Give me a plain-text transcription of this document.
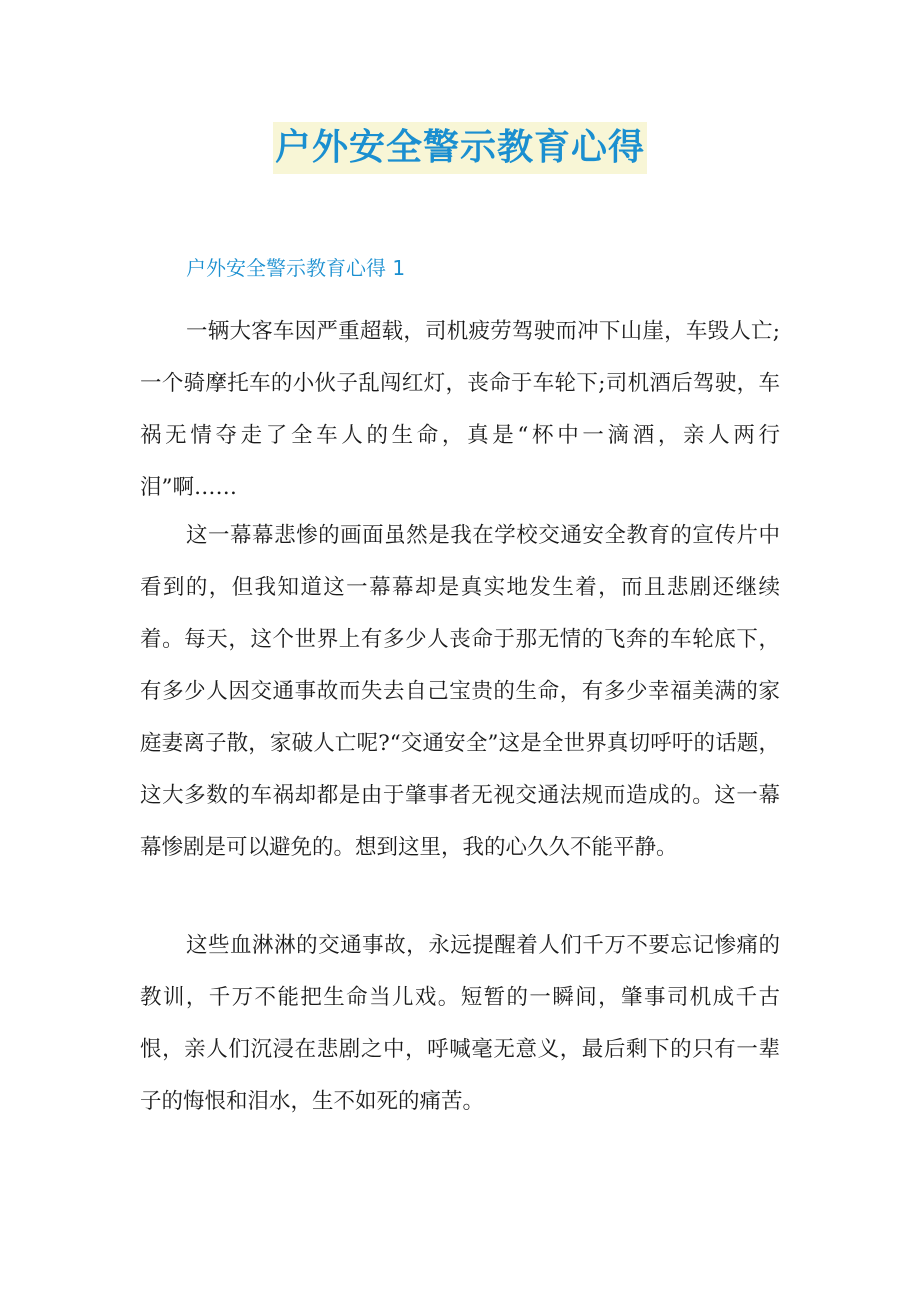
户外安全警示教育心得
户外安全警示教育心得 1

一辆大客车因严重超载，司机疲劳驾驶而冲下山崖，车毁人亡;一个骑摩托车的小伙子乱闯红灯，丧命于车轮下;司机酒后驾驶，车祸无情夺走了全车人的生命，真是“杯中一滴酒，亲人两行泪”啊……

这一幕幕悲惨的画面虽然是我在学校交通安全教育的宣传片中看到的，但我知道这一幕幕却是真实地发生着，而且悲剧还继续着。每天，这个世界上有多少人丧命于那无情的飞奔的车轮底下，有多少人因交通事故而失去自己宝贵的生命，有多少幸福美满的家庭妻离子散，家破人亡呢?“交通安全”这是全世界真切呼吁的话题，这大多数的车祸却都是由于肇事者无视交通法规而造成的。这一幕幕惨剧是可以避免的。想到这里，我的心久久不能平静。

这些血淋淋的交通事故，永远提醒着人们千万不要忘记惨痛的教训，千万不能把生命当儿戏。短暂的一瞬间，肇事司机成千古恨，亲人们沉浸在悲剧之中，呼喊毫无意义，最后剩下的只有一辈子的悔恨和泪水，生不如死的痛苦。
